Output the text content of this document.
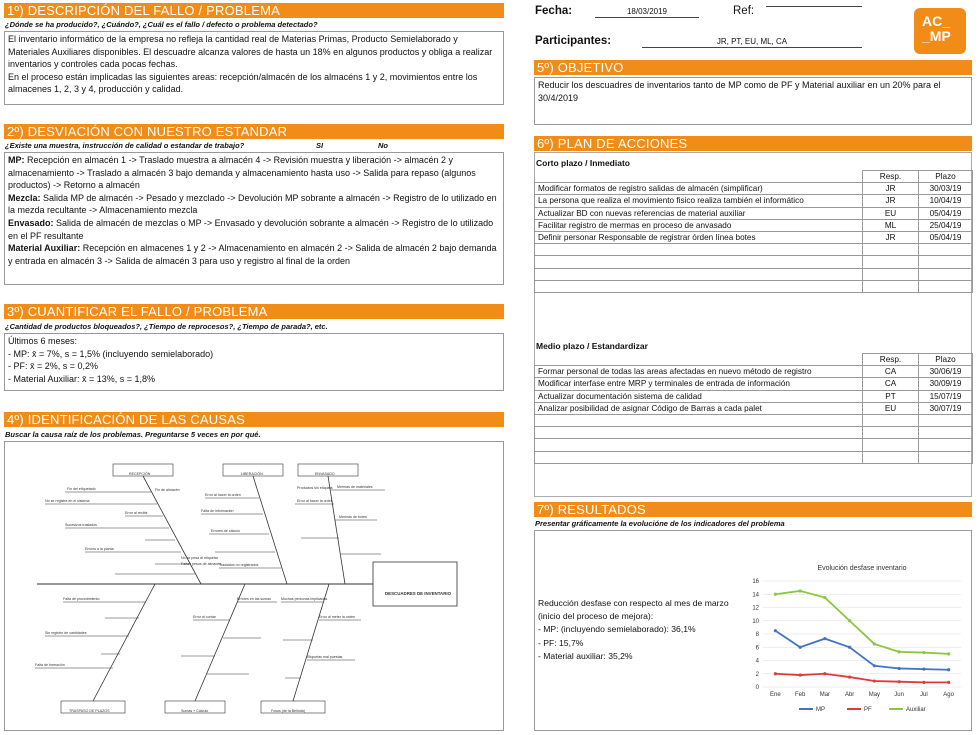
1º) DESCRIPCIÓN DEL FALLO / PROBLEMA
¿Dónde se ha producido?, ¿Cuándo?, ¿Cuál es el fallo / defecto o problema detectado?

El inventario informático de la empresa no refleja la cantidad real de Materias Primas, Producto Semielaborado y Materiales Auxiliares disponibles. El descuadre alcanza valores de hasta un 18% en algunos productos y obliga a realizar inventarios y controles cada pocas fechas.

En el proceso están implicadas las siguientes areas: recepción/almacén de los almacéns 1 y 2, movimientos entre los almacenes 1, 2, 3 y 4, producción y calidad.

2º) DESVIACIÓN CON NUESTRO ESTANDAR
¿Existe una muestra, instrucción de calidad o estandar de trabajo?	SI	No

MP: Recepción en almacén 1 -> Traslado muestra a almacén 4 -> Revisión muestra y liberación -> almacén 2 y almacenamiento -> Traslado a almacén 3 bajo demanda y almacenamiento hasta uso -> Salida para repaso (algunos productos) -> Retorno a almacén

Mezcla: Salida MP de almacén -> Pesado y mezclado -> Devolución MP sobrante a almacén -> Registro de lo utilizado en la mezda recultante -> Almacenamiento mezcla

Envasado: Salida de almacén de mezclas o MP -> Envasado y devolución sobrante a almacén -> Registro de lo utilizado en el PF resultante

Material Auxiliar: Recepción en almacenes 1 y 2 -> Almacenamiento en almacén 2 -> Salida de almacén 2 bajo demanda y entrada en almacén 3 -> Salida de almacén 3 para uso y registro al final de la orden

3º) CUANTIFICAR EL FALLO / PROBLEMA
¿Cantidad de productos bloqueados?, ¿Tiempo de reprocesos?, ¿Tiempo de parada?, etc.

Últimos 6 meses:

- MP: x̄ = 7%, s = 1,5% (incluyendo semielaborado)

- PF: x̄ = 2%, s = 0,2%

- Material Auxiliar: x̄ = 13%, s = 1,8%

4º) IDENTIFICACIÓN DE LAS CAUSAS
Buscar la causa raíz de los problemas. Preguntarse 5 veces en por qué.
RECEPCIÓN	LIBERACIÓN	ENVASADO
TRASPASO DE PLAZOS	Sumas + Cálculo	Fosos (de la Belinda)
DESCUADRES DE INVENTARIO
Fin del etiquetado	Fin de almacén
Error al hacer la orden
No se registra en el sistema
Error al recibir	Falta de información
Sucesivos traslados
Productos sin etiqueta Mermas de materiales
Error al hacer la orden
Mermas de botes
No se pesa al etiquetar
Faltan pesos de almacén
Envíos a la planta
Errores de cálculo
Traslados no registrados
Muchas personas implicadas
Error al meter la orden
Falta de procedimiento
Sin registro de cantidades
Errores en las sumas
Falta de formación
Error al contar
Etiquetas mal puestas
Fecha:	18/03/2019	Ref:
Participantes:	JR, PT, EU, ML, CA
AC_
_MP
5º) OBJETIVO
Reducir los descuadres de inventarios tanto de MP como de PF y Material auxiliar en un 20% para el 30/4/2019
6º) PLAN DE ACCIONES
Corto plazo / Inmediato
	Resp.	Plazo
Modificar formatos de registro salidas de almacén (simplificar)	JR	30/03/19
La persona que realiza el movimiento fisico realiza también el informático	JR	10/04/19
Actualizar BD con nuevas referencias de material auxiliar	EU	05/04/19
Facilitar registro de mermas en proceso de anvasado	ML	25/04/19
Definir personar Responsable de registrar órden línea botes	JR	05/04/19

Medio plazo / Estandardizar
	Resp.	Plazo
Formar personal de todas las areas afectadas en nuevo método de registro	CA	30/06/19
Modificar interfase entre MRP y terminales de entrada de información	CA	30/09/19
Actualizar documentación sistema de calidad	PT	15/07/19
Analizar posibilidad de asignar Código de Barras a cada palet	EU	30/07/19

7º) RESULTADOS
Presentar gráficamente la evolucióne de los indicadores del problema
Reducción desfase con respecto al mes de marzo
(inicio del proceso de mejora):
- MP: (incluyendo semielaborado): 36,1%
- PF: 15,7%
- Material auxiliar: 35,2%
Evolución desfase inventario
0
2
4
6
8
10
12
14
16
Ene Feb Mar Abr May Jun	Jul	Ago
MP	PF	Auxiliar
